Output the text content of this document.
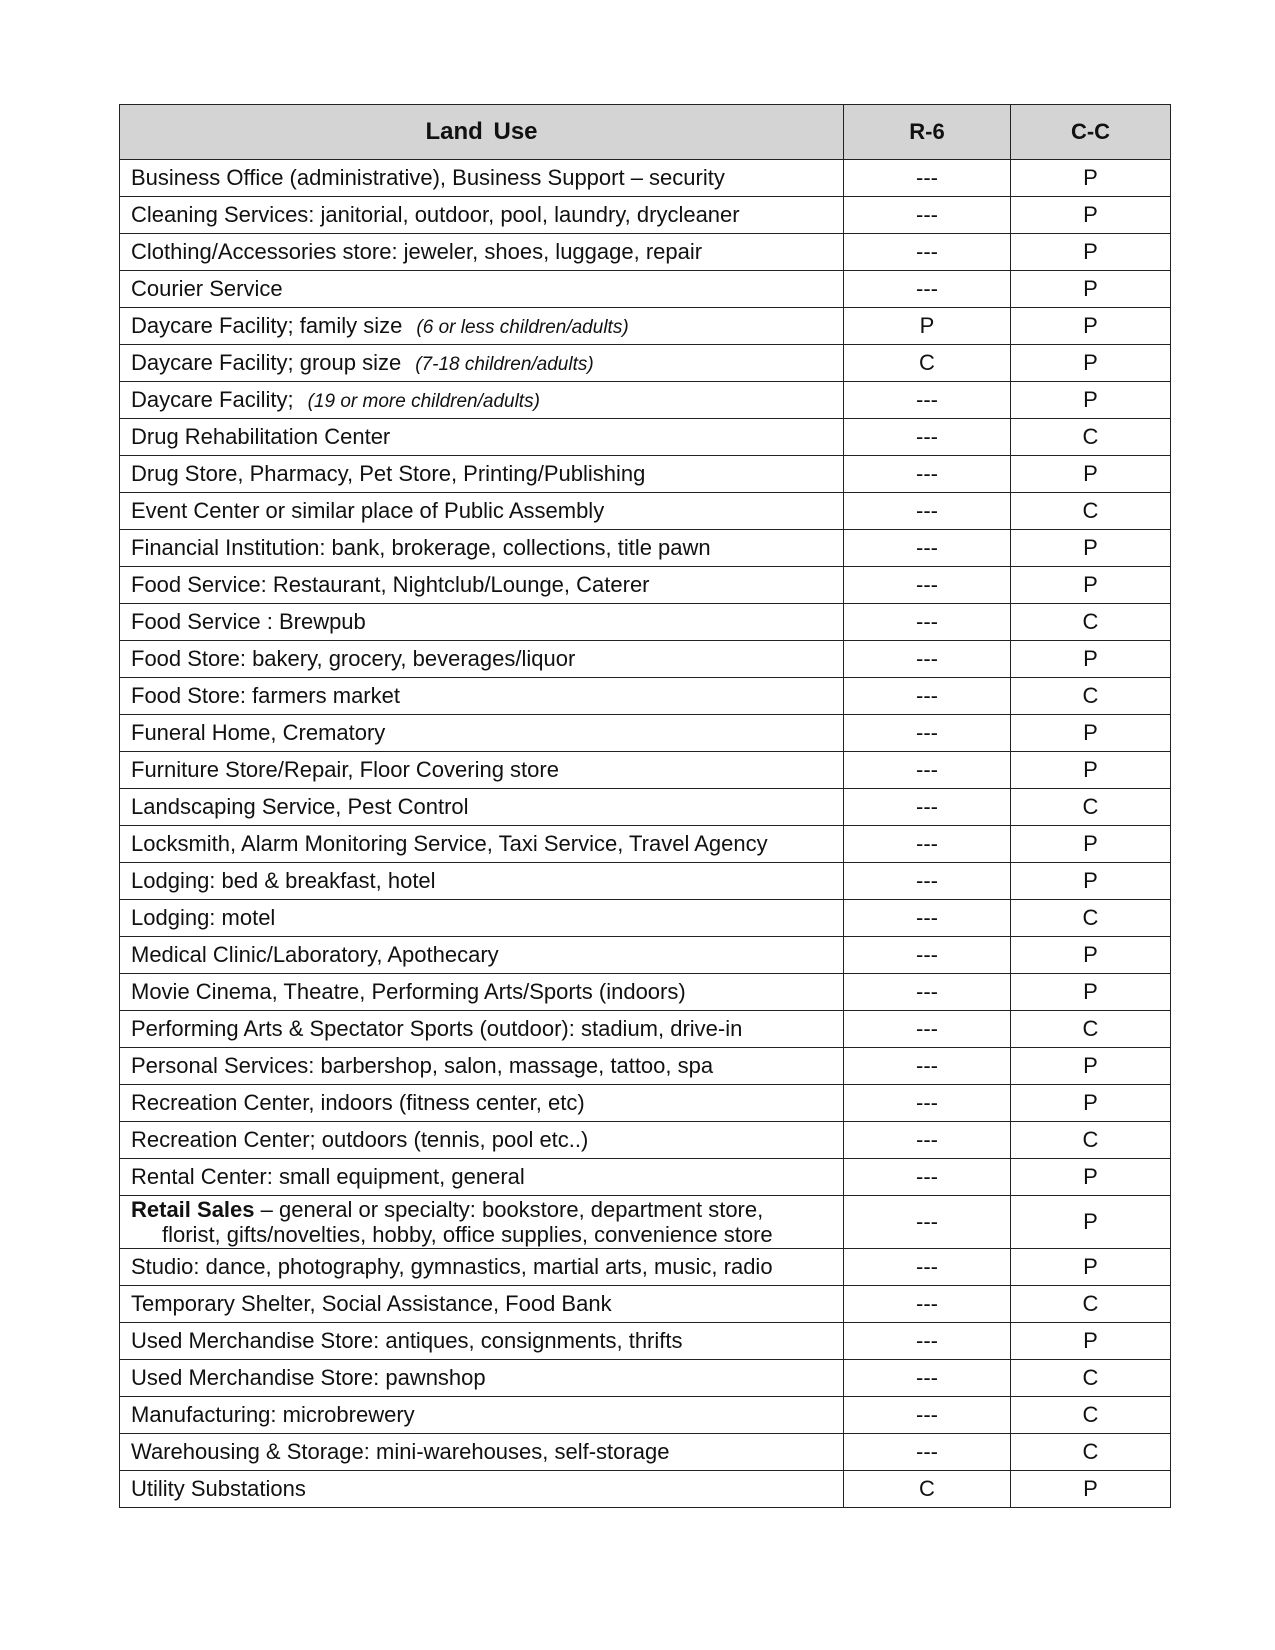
Land Use	R-6	C-C
Business Office (administrative), Business Support – security	---	P
Cleaning Services: janitorial, outdoor, pool, laundry, drycleaner	---	P
Clothing/Accessories store: jeweler, shoes, luggage, repair	---	P
Courier Service	---	P
Daycare Facility; family size (6 or less children/adults)	P	P
Daycare Facility; group size (7-18 children/adults)	C	P
Daycare Facility; (19 or more children/adults)	---	P
Drug Rehabilitation Center	---	C
Drug Store, Pharmacy, Pet Store, Printing/Publishing	---	P
Event Center or similar place of Public Assembly	---	C
Financial Institution: bank, brokerage, collections, title pawn	---	P
Food Service: Restaurant, Nightclub/Lounge, Caterer	---	P
Food Service : Brewpub	---	C
Food Store: bakery, grocery, beverages/liquor	---	P
Food Store: farmers market	---	C
Funeral Home, Crematory	---	P
Furniture Store/Repair, Floor Covering store	---	P
Landscaping Service, Pest Control	---	C
Locksmith, Alarm Monitoring Service, Taxi Service, Travel Agency	---	P
Lodging: bed & breakfast, hotel	---	P
Lodging: motel	---	C
Medical Clinic/Laboratory, Apothecary	---	P
Movie Cinema, Theatre, Performing Arts/Sports (indoors)	---	P
Performing Arts & Spectator Sports (outdoor): stadium, drive-in	---	C
Personal Services: barbershop, salon, massage, tattoo, spa	---	P
Recreation Center, indoors (fitness center, etc)	---	P
Recreation Center; outdoors (tennis, pool etc..)	---	C
Rental Center: small equipment, general	---	P
Retail Sales – general or specialty: bookstore, department store,
florist, gifts/novelties, hobby, office supplies, convenience store	---	P
Studio: dance, photography, gymnastics, martial arts, music, radio	---	P
Temporary Shelter, Social Assistance, Food Bank	---	C
Used Merchandise Store: antiques, consignments, thrifts	---	P
Used Merchandise Store: pawnshop	---	C
Manufacturing: microbrewery	---	C
Warehousing & Storage: mini-warehouses, self-storage	---	C
Utility Substations	C	P
